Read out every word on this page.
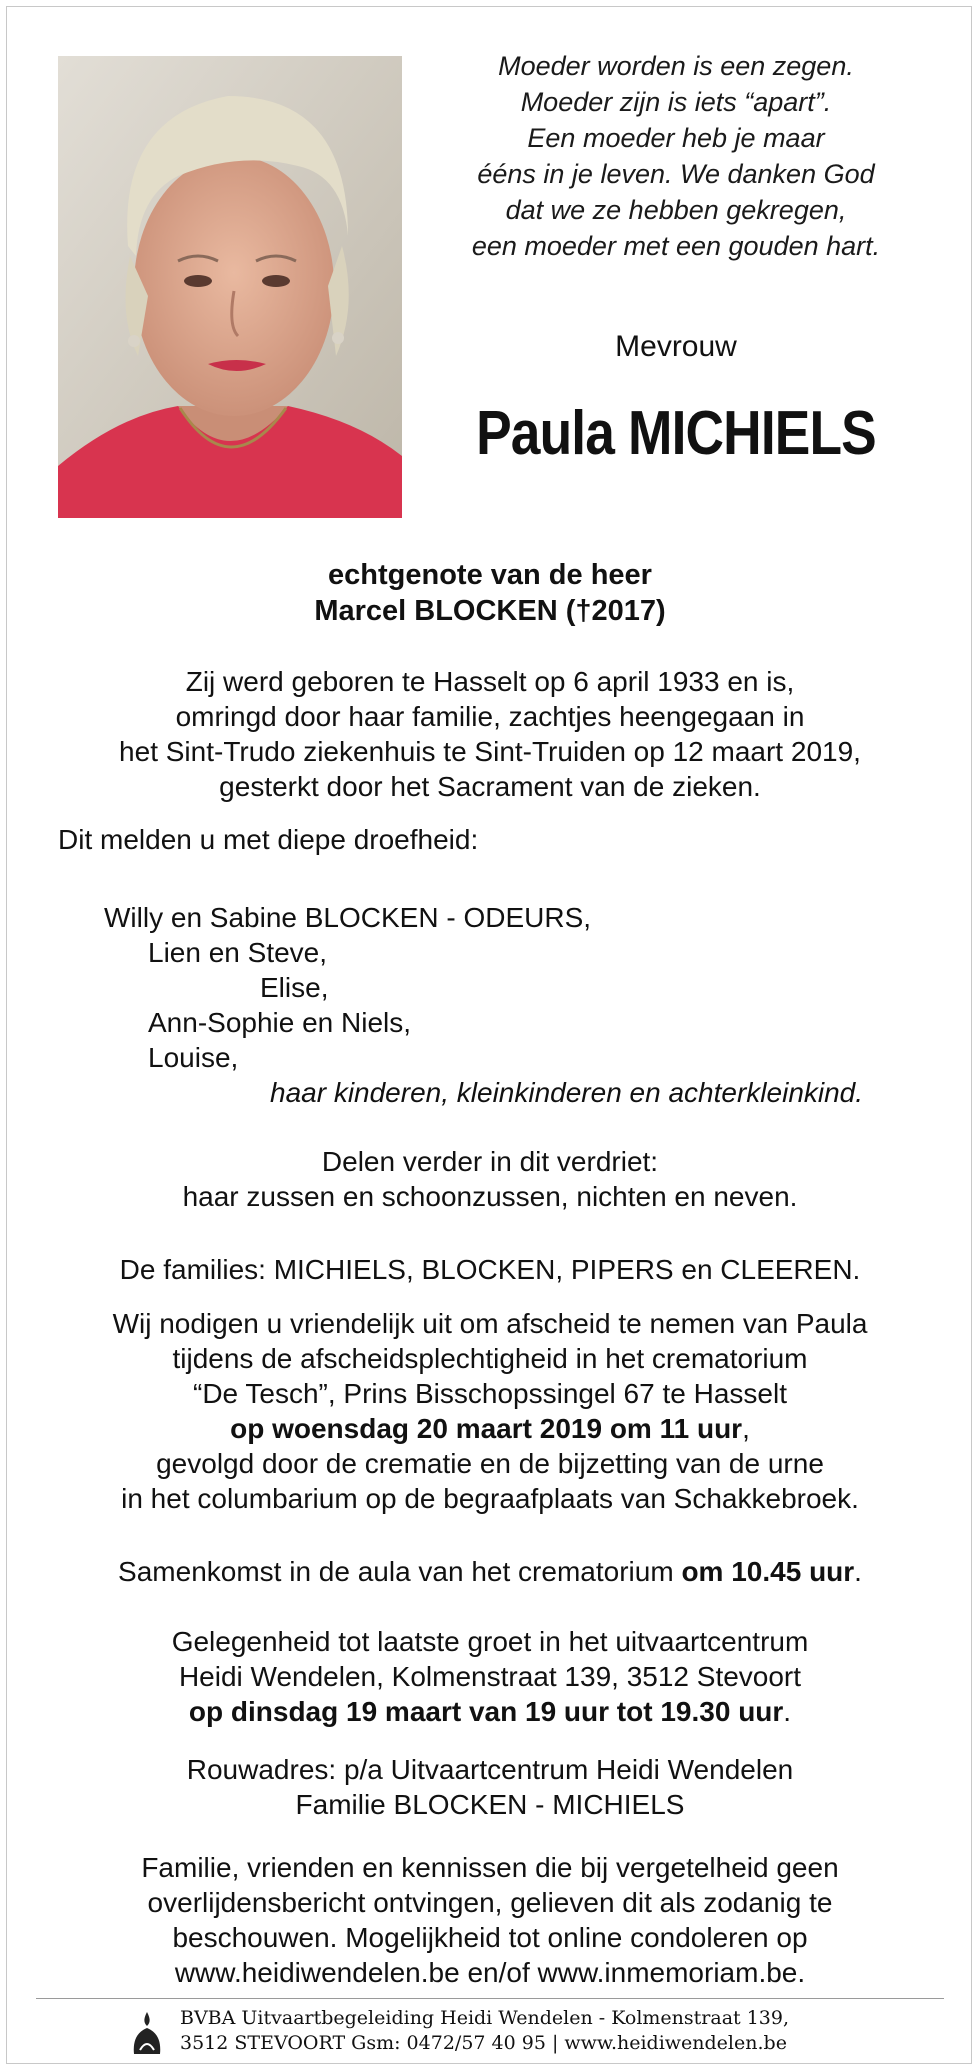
Moeder worden is een zegen.
Moeder zijn is iets “apart”.
Een moeder heb je maar
ééns in je leven. We danken God
dat we ze hebben gekregen,
een moeder met een gouden hart.
Mevrouw
Paula MICHIELS
echtgenote van de heer
Marcel BLOCKEN (†2017)
Zij werd geboren te Hasselt op 6 april 1933 en is,
omringd door haar familie, zachtjes heengegaan in
het Sint-Trudo ziekenhuis te Sint-Truiden op 12 maart 2019,
gesterkt door het Sacrament van de zieken.
Dit melden u met diepe droefheid:
Willy en Sabine BLOCKEN - ODEURS,
Lien en Steve,
Elise,
Ann-Sophie en Niels,
Louise,
haar kinderen, kleinkinderen en achterkleinkind.
Delen verder in dit verdriet:
haar zussen en schoonzussen, nichten en neven.
De families: MICHIELS, BLOCKEN, PIPERS en CLEEREN.
Wij nodigen u vriendelijk uit om afscheid te nemen van Paula
tijdens de afscheidsplechtigheid in het crematorium
“De Tesch”, Prins Bisschopssingel 67 te Hasselt
op woensdag 20 maart 2019 om 11 uur,
gevolgd door de crematie en de bijzetting van de urne
in het columbarium op de begraafplaats van Schakkebroek.
Samenkomst in de aula van het crematorium om 10.45 uur.
Gelegenheid tot laatste groet in het uitvaartcentrum
Heidi Wendelen, Kolmenstraat 139, 3512 Stevoort
op dinsdag 19 maart van 19 uur tot 19.30 uur.
Rouwadres: p/a Uitvaartcentrum Heidi Wendelen
Familie BLOCKEN - MICHIELS
Familie, vrienden en kennissen die bij vergetelheid geen
overlijdensbericht ontvingen, gelieven dit als zodanig te
beschouwen. Mogelijkheid tot online condoleren op
www.heidiwendelen.be en/of www.inmemoriam.be.
BVBA Uitvaartbegeleiding Heidi Wendelen - Kolmenstraat 139,
3512 STEVOORT Gsm: 0472/57 40 95 | www.heidiwendelen.be
